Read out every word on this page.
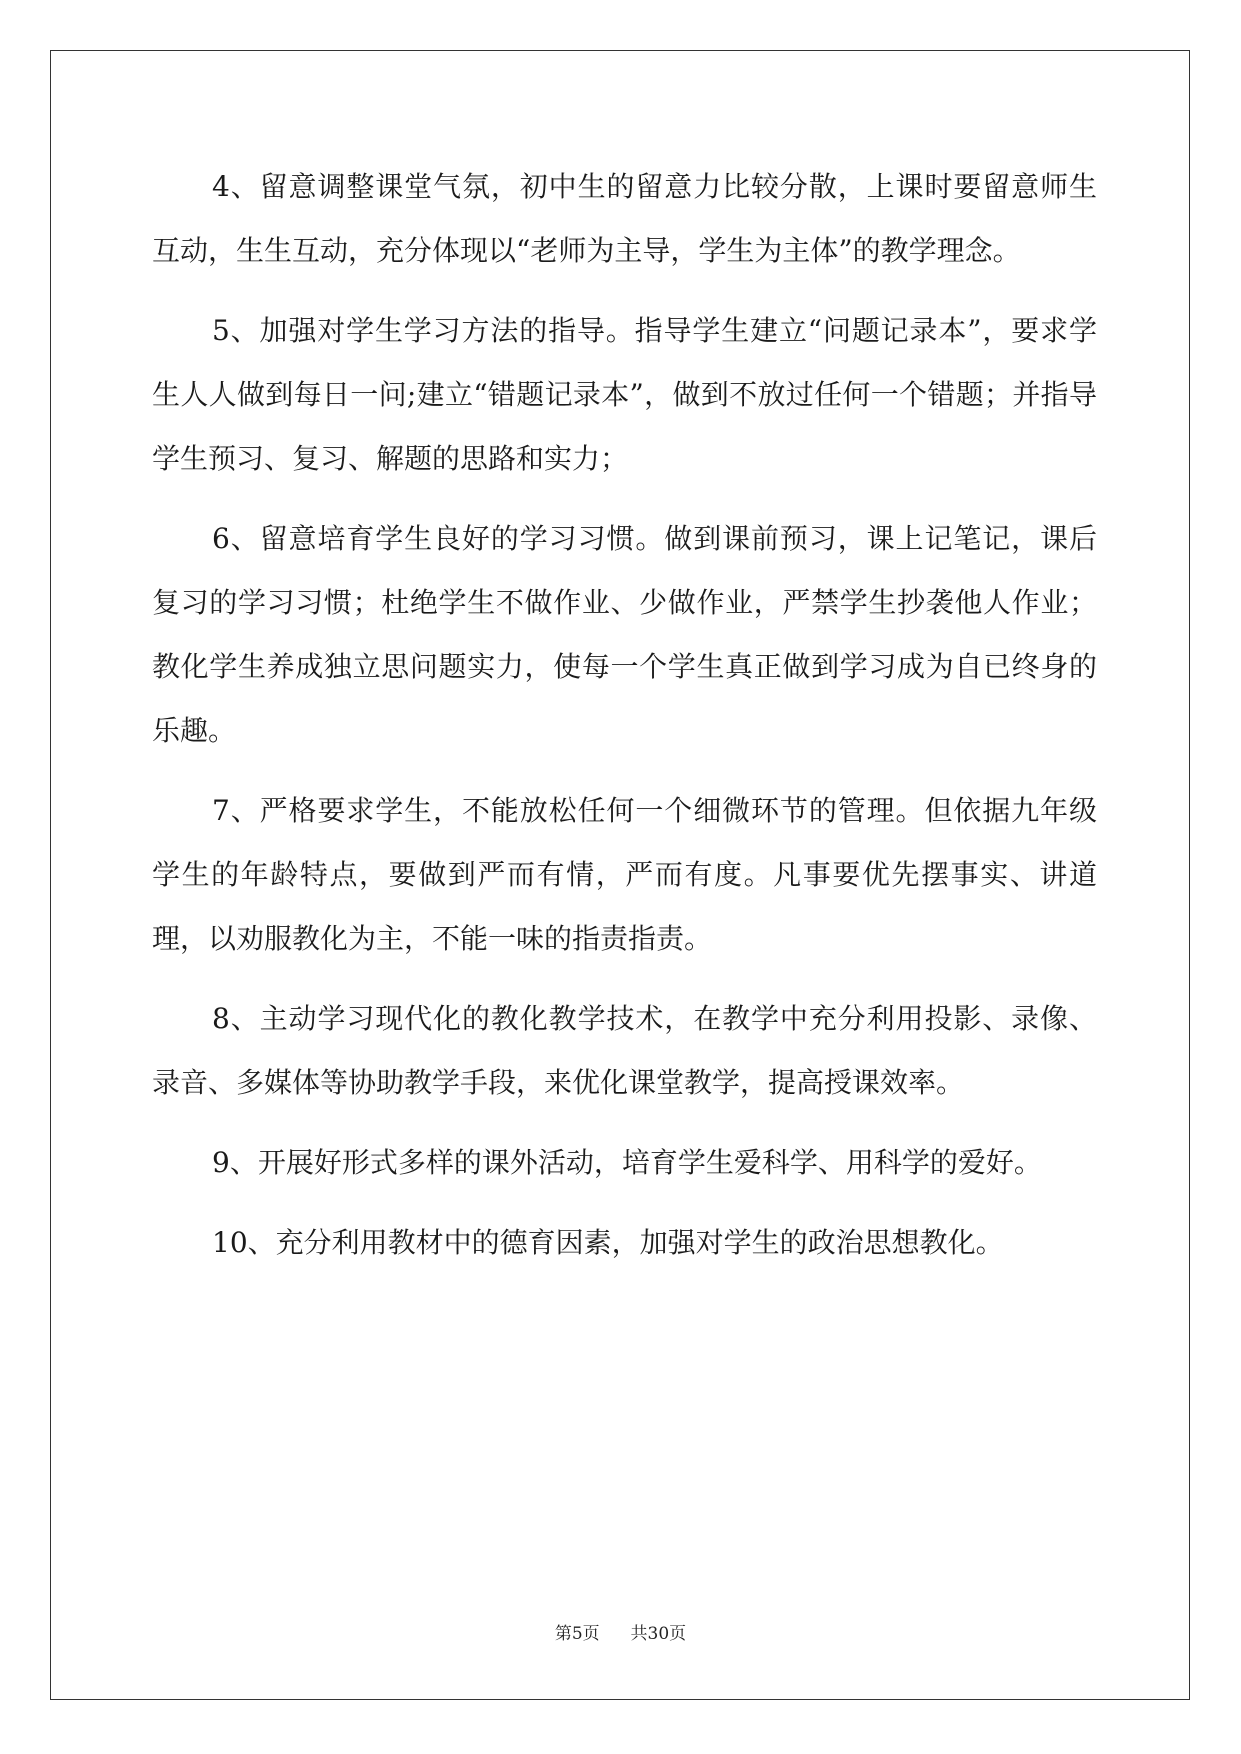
4、留意调整课堂气氛，初中生的留意力比较分散，上课时要留意师生互动，生生互动，充分体现以“老师为主导，学生为主体”的教学理念。

5、加强对学生学习方法的指导。指导学生建立“问题记录本”，要求学生人人做到每日一问;建立“错题记录本”，做到不放过任何一个错题；并指导学生预习、复习、解题的思路和实力；

6、留意培育学生良好的学习习惯。做到课前预习，课上记笔记，课后复习的学习习惯；杜绝学生不做作业、少做作业，严禁学生抄袭他人作业；教化学生养成独立思问题实力，使每一个学生真正做到学习成为自已终身的乐趣。

7、严格要求学生，不能放松任何一个细微环节的管理。但依据九年级学生的年龄特点，要做到严而有情，严而有度。凡事要优先摆事实、讲道理，以劝服教化为主，不能一味的指责指责。

8、主动学习现代化的教化教学技术，在教学中充分利用投影、录像、录音、多媒体等协助教学手段，来优化课堂教学，提高授课效率。

9、开展好形式多样的课外活动，培育学生爱科学、用科学的爱好。

10、充分利用教材中的德育因素，加强对学生的政治思想教化。

第5页 共30页
